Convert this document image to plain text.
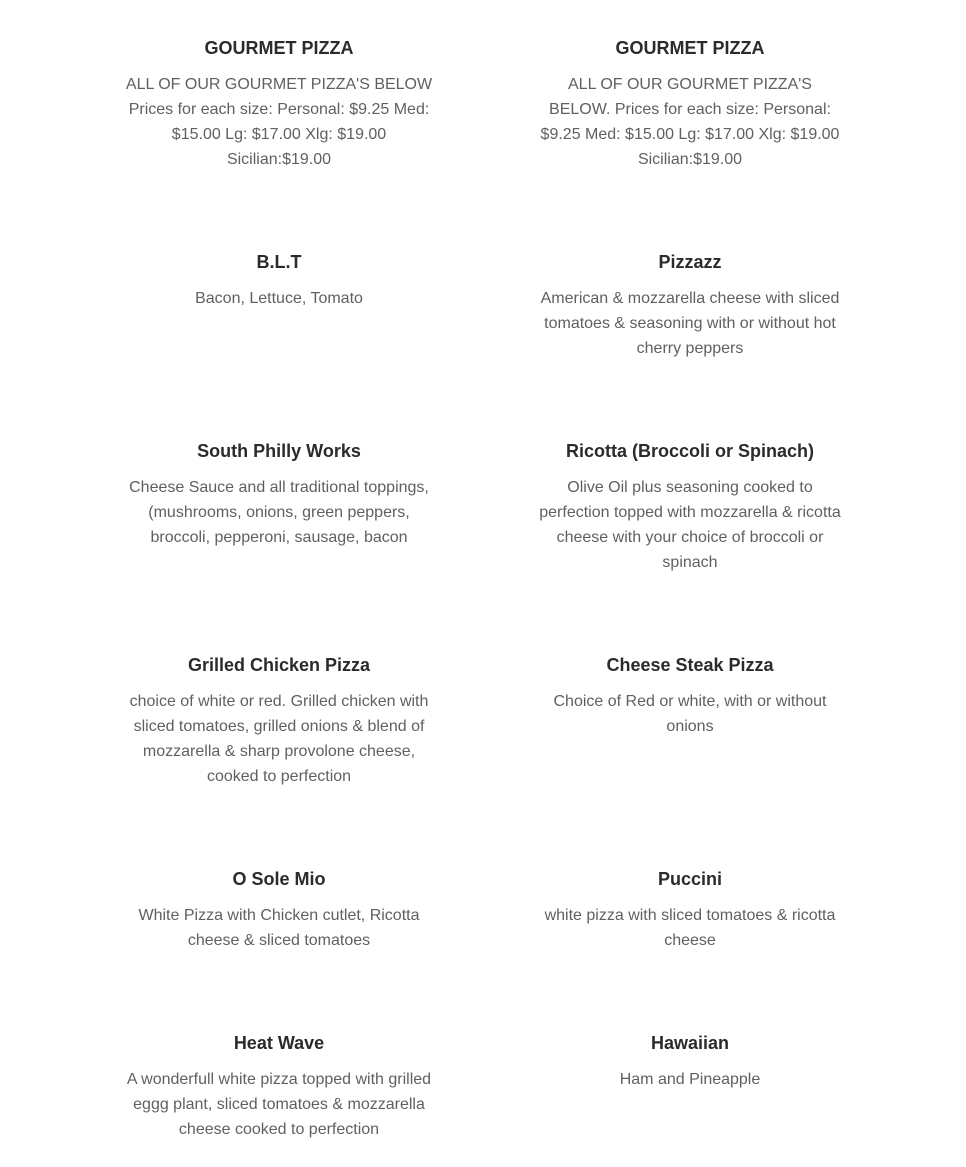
GOURMET PIZZA

ALL OF OUR GOURMET PIZZA'S BELOW Prices for each size: Personal: $9.25 Med: $15.00 Lg: $17.00 Xlg: $19.00 Sicilian:$19.00

GOURMET PIZZA

ALL OF OUR GOURMET PIZZA'S BELOW. Prices for each size: Personal: $9.25 Med: $15.00 Lg: $17.00 Xlg: $19.00 Sicilian:$19.00

B.L.T

Bacon, Lettuce, Tomato

Pizzazz

American & mozzarella cheese with sliced tomatoes & seasoning with or without hot cherry peppers

South Philly Works

Cheese Sauce and all traditional toppings, (mushrooms, onions, green peppers, broccoli, pepperoni, sausage, bacon

Ricotta (Broccoli or Spinach)

Olive Oil plus seasoning cooked to perfection topped with mozzarella & ricotta cheese with your choice of broccoli or spinach

Grilled Chicken Pizza

choice of white or red. Grilled chicken with sliced tomatoes, grilled onions & blend of mozzarella & sharp provolone cheese, cooked to perfection

Cheese Steak Pizza

Choice of Red or white, with or without onions

O Sole Mio

White Pizza with Chicken cutlet, Ricotta cheese & sliced tomatoes

Puccini

white pizza with sliced tomatoes & ricotta cheese

Heat Wave

A wonderfull white pizza topped with grilled eggg plant, sliced tomatoes & mozzarella cheese cooked to perfection

Hawaiian

Ham and Pineapple
